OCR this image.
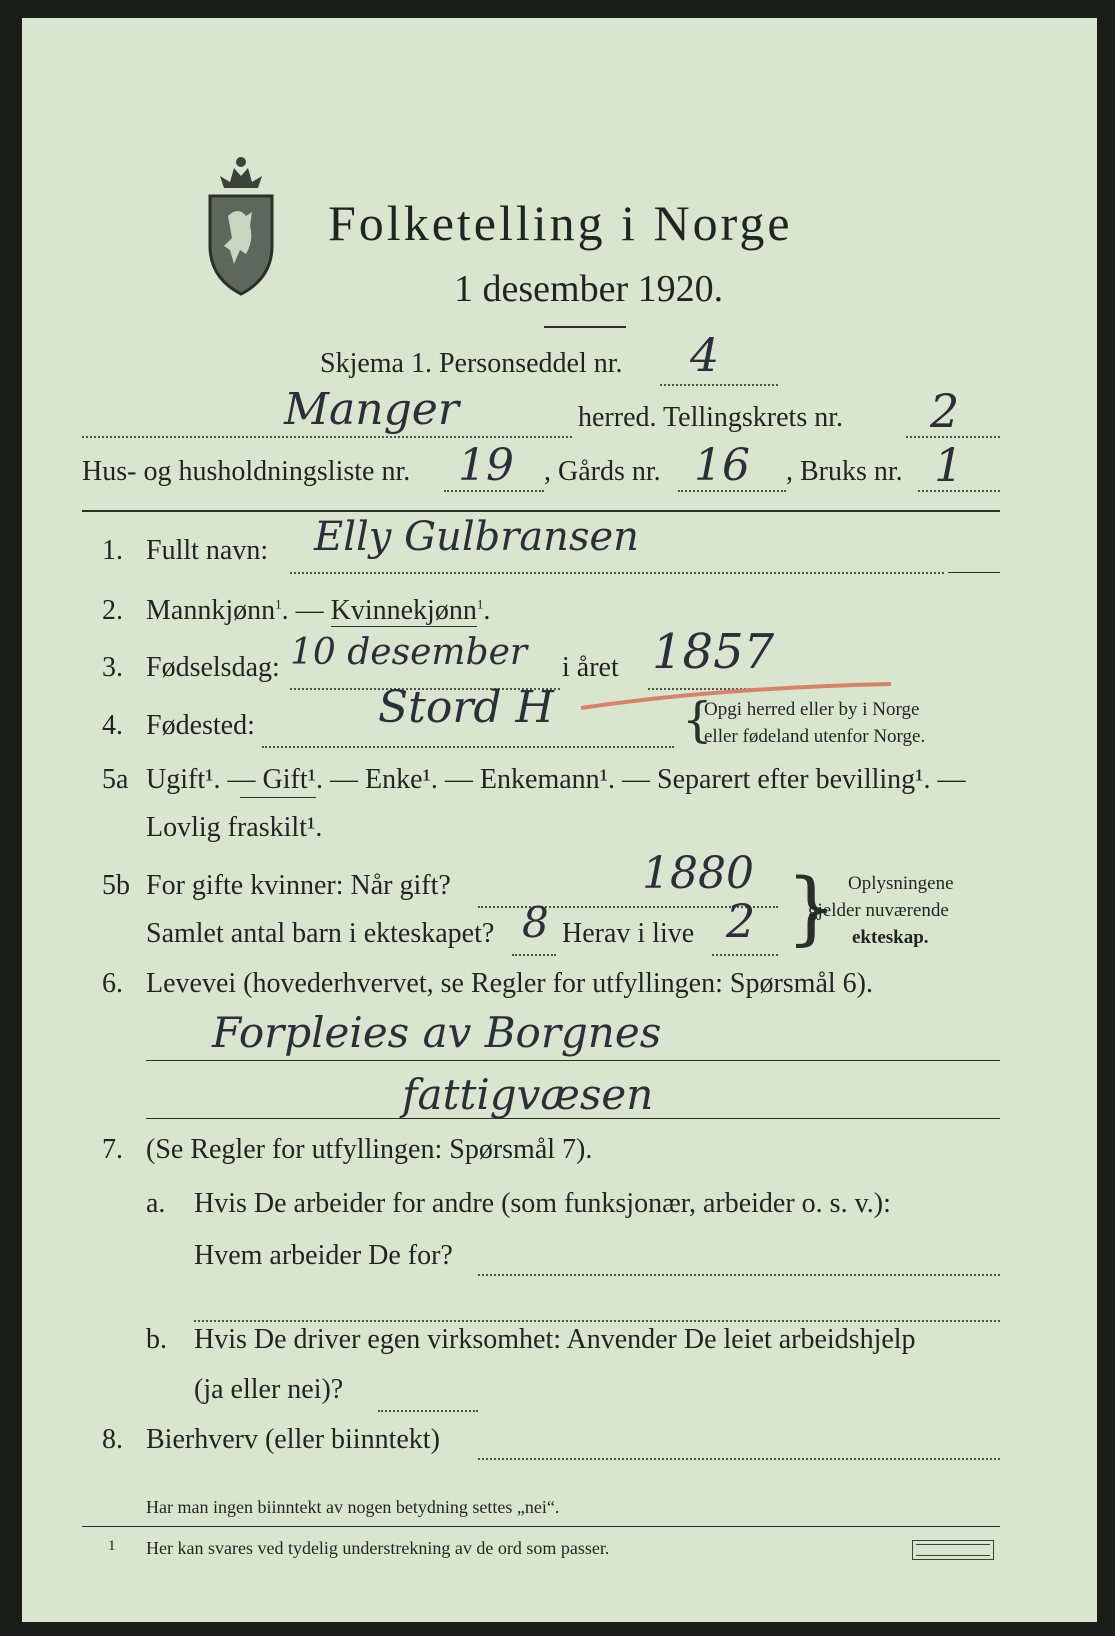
Folketelling i Norge
1 desember 1920.
Skjema 1. Personseddel nr. 4
Manger	herred. Tellingskrets nr. 2
Hus- og husholdningsliste nr. 19 , Gårds nr. 16 , Bruks nr. 1
1. Fullt navn: Elly Gulbransen
2. Mannkjønn$^1$. — Kvinnekjønn$^1$.
3. Fødselsdag: 10 desember i året 1857
4. Fødested:	Stord H	{
Opgi herred eller by i Norge
eller fødeland utenfor Norge.
5a Ugift¹. — Gift¹. — Enke¹. — Enkemann¹. — Separert efter bevilling¹. —
Lovlig fraskilt¹.
5b For gifte kvinner: Når gift?	1880
Samlet antal barn i ekteskapet? 8 Herav i live 2 } Oplysningene
gjelder nuværende
ekteskap.
6. Levevei (hovederhvervet, se Regler for utfyllingen: Spørsmål 6).
Forpleies av Borgnes
fattigvæsen
7. (Se Regler for utfyllingen: Spørsmål 7).
a. Hvis De arbeider for andre (som funksjonær, arbeider o. s. v.):
Hvem arbeider De for?
b. Hvis De driver egen virksomhet: Anvender De leiet arbeidshjelp
(ja eller nei)?
8. Bierhverv (eller biinntekt)
Har man ingen biinntekt av nogen betydning settes „nei“.
1 Her kan svares ved tydelig understrekning av de ord som passer.
